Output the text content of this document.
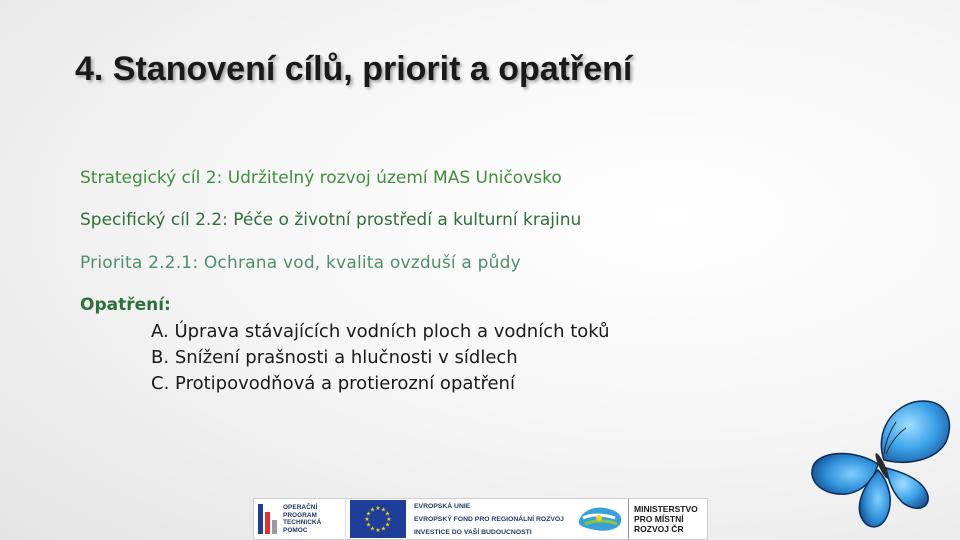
4. Stanovení cílů, priorit a opatření
Strategický cíl 2: Udržitelný rozvoj území MAS Uničovsko
Specifický cíl 2.2: Péče o životní prostředí a kulturní krajinu
Priorita 2.2.1: Ochrana vod, kvalita ovzduší a půdy
Opatření:
A. Úprava stávajících vodních ploch a vodních toků
B. Snížení prašnosti a hlučnosti v sídlech
C. Protipovodňová a protierozní opatření
OPERAČNÍ
PROGRAM
TECHNICKÁ
POMOC
★
★
★
★
★
★
★
★
★ ★ ★
★
EVROPSKÁ UNIE
EVROPSKÝ FOND PRO REGIONÁLNÍ ROZVOJ
INVESTICE DO VAŠÍ BUDOUCNOSTI
MINISTERSTVO
PRO MÍSTNÍ
ROZVOJ ČR
